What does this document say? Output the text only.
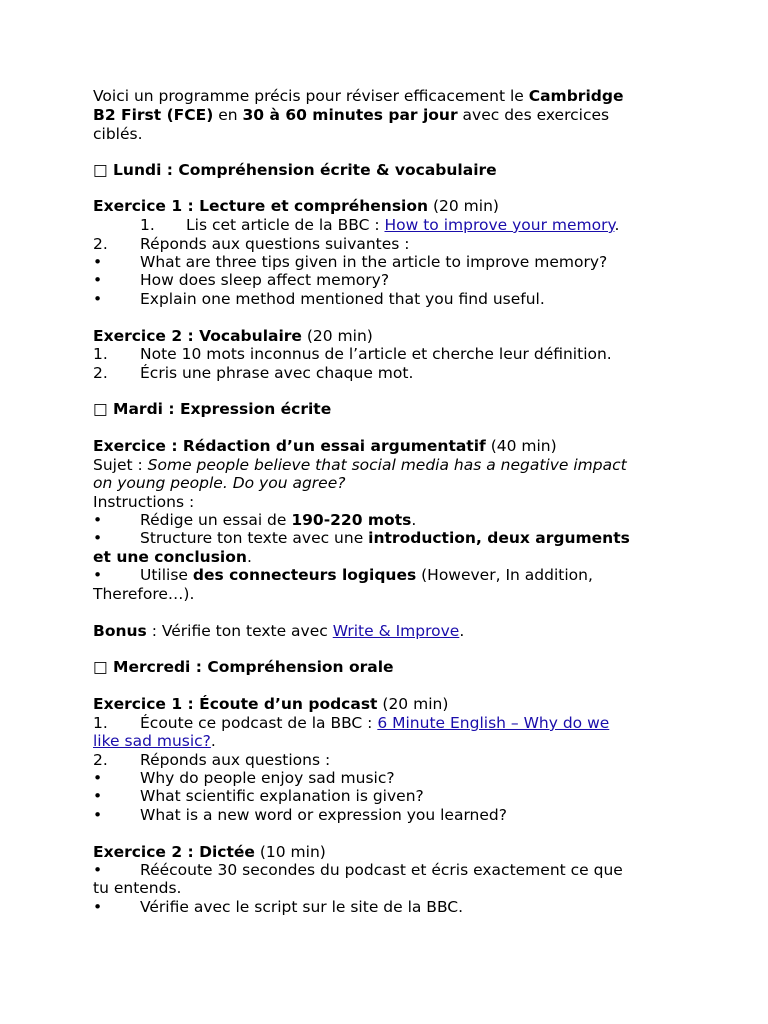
Voici un programme précis pour réviser efficacement le Cambridge
B2 First (FCE) en 30 à 60 minutes par jour avec des exercices
ciblés.
□ Lundi : Compréhension écrite & vocabulaire
Exercice 1 : Lecture et compréhension (20 min)
1. Lis cet article de la BBC : How to improve your memory.
2. Réponds aux questions suivantes :
• What are three tips given in the article to improve memory?
• How does sleep affect memory?
• Explain one method mentioned that you find useful.
Exercice 2 : Vocabulaire (20 min)
1. Note 10 mots inconnus de l’article et cherche leur définition.
2. Écris une phrase avec chaque mot.
□ Mardi : Expression écrite
Exercice : Rédaction d’un essai argumentatif (40 min)
Sujet : Some people believe that social media has a negative impact
on young people. Do you agree?
Instructions :
• Rédige un essai de 190-220 mots.
• Structure ton texte avec une introduction, deux arguments
et une conclusion.
• Utilise des connecteurs logiques (However, In addition,
Therefore…).
Bonus : Vérifie ton texte avec Write & Improve.
□ Mercredi : Compréhension orale
Exercice 1 : Écoute d’un podcast (20 min)
1. Écoute ce podcast de la BBC : 6 Minute English – Why do we
like sad music?.
2. Réponds aux questions :
• Why do people enjoy sad music?
• What scientific explanation is given?
• What is a new word or expression you learned?
Exercice 2 : Dictée (10 min)
• Réécoute 30 secondes du podcast et écris exactement ce que
tu entends.
• Vérifie avec le script sur le site de la BBC.
